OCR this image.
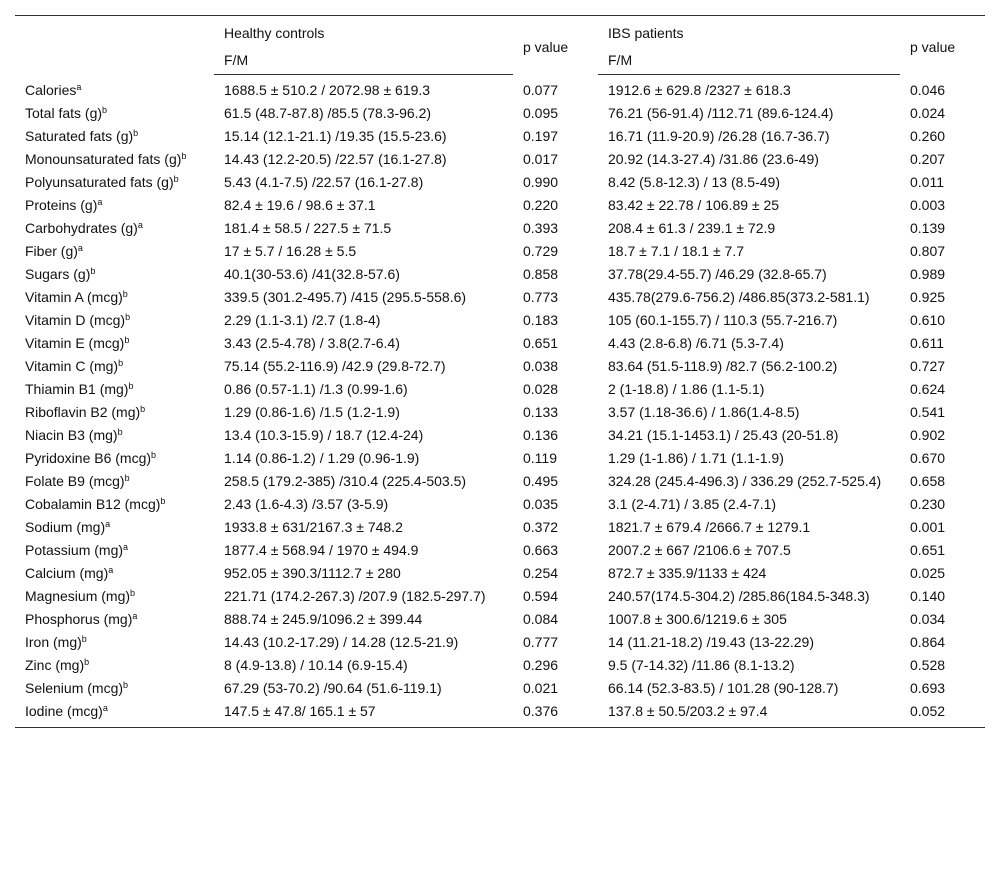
	Healthy controls	p value	IBS patients	p value
	F/M		F/M	
Calories$^a$	1688.5 ± 510.2 / 2072.98 ± 619.3	0.077	1912.6 ± 629.8 /2327 ± 618.3	0.046
Total fats $(g)^b$	61.5 (48.7-87.8) /85.5 (78.3-96.2)	0.095	76.21 (56-91.4) /112.71 (89.6-124.4)	0.024
Saturated fats $(g)^b$	15.14 (12.1-21.1) /19.35 (15.5-23.6)	0.197	16.71 (11.9-20.9) /26.28 (16.7-36.7)	0.260
Monounsaturated fats $(g)^b$	14.43 (12.2-20.5) /22.57 (16.1-27.8)	0.017	20.92 (14.3-27.4) /31.86 (23.6-49)	0.207
Polyunsaturated fats $(g)^b$	5.43 (4.1-7.5) /22.57 (16.1-27.8)	0.990	8.42 (5.8-12.3) / 13 (8.5-49)	0.011
Proteins $(g)^a$	82.4 ± 19.6 / 98.6 ± 37.1	0.220	83.42 ± 22.78 / 106.89 ± 25	0.003
Carbohydrates $(g)^a$	181.4 ± 58.5 / 227.5 ± 71.5	0.393	208.4 ± 61.3 / 239.1 ± 72.9	0.139
Fiber $(g)^a$	17 ± 5.7 / 16.28 ± 5.5	0.729	18.7 ± 7.1 / 18.1 ± 7.7	0.807
Sugars $(g)^b$	40.1(30-53.6) /41(32.8-57.6)	0.858	37.78(29.4-55.7) /46.29 (32.8-65.7)	0.989
Vitamin A (mcg)$^b$	339.5 (301.2-495.7) /415 (295.5-558.6)	0.773	435.78(279.6-756.2) /486.85(373.2-581.1)	0.925
Vitamin D (mcg)$^b$	2.29 (1.1-3.1) /2.7 (1.8-4)	0.183	105 (60.1-155.7) / 110.3 (55.7-216.7)	0.610
Vitamin E (mcg)$^b$	3.43 (2.5-4.78) / 3.8(2.7-6.4)	0.651	4.43 (2.8-6.8) /6.71 (5.3-7.4)	0.611
Vitamin C (mg)$^b$	75.14 (55.2-116.9) /42.9 (29.8-72.7)	0.038	83.64 (51.5-118.9) /82.7 (56.2-100.2)	0.727
Thiamin B1 (mg)$^b$	0.86 (0.57-1.1) /1.3 (0.99-1.6)	0.028	2 (1-18.8) / 1.86 (1.1-5.1)	0.624
Riboflavin B2 (mg)$^b$	1.29 (0.86-1.6) /1.5 (1.2-1.9)	0.133	3.57 (1.18-36.6) / 1.86(1.4-8.5)	0.541
Niacin B3 (mg)$^b$	13.4 (10.3-15.9) / 18.7 (12.4-24)	0.136	34.21 (15.1-1453.1) / 25.43 (20-51.8)	0.902
Pyridoxine B6 (mcg)$^b$	1.14 (0.86-1.2) / 1.29 (0.96-1.9)	0.119	1.29 (1-1.86) / 1.71 (1.1-1.9)	0.670
Folate B9 (mcg)$^b$	258.5 (179.2-385) /310.4 (225.4-503.5)	0.495	324.28 (245.4-496.3) / 336.29 (252.7-525.4)	0.658
Cobalamin B12 (mcg)$^b$	2.43 (1.6-4.3) /3.57 (3-5.9)	0.035	3.1 (2-4.71) / 3.85 (2.4-7.1)	0.230
Sodium (mg)$^a$	1933.8 ± 631/2167.3 ± 748.2	0.372	1821.7 ± 679.4 /2666.7 ± 1279.1	0.001
Potassium (mg)$^a$	1877.4 ± 568.94 / 1970 ± 494.9	0.663	2007.2 ± 667 /2106.6 ± 707.5	0.651
Calcium (mg)$^a$	952.05 ± 390.3/1112.7 ± 280	0.254	872.7 ± 335.9/1133 ± 424	0.025
Magnesium (mg)$^b$	221.71 (174.2-267.3) /207.9 (182.5-297.7)	0.594	240.57(174.5-304.2) /285.86(184.5-348.3)	0.140
Phosphorus (mg)$^a$	888.74 ± 245.9/1096.2 ± 399.44	0.084	1007.8 ± 300.6/1219.6 ± 305	0.034
Iron (mg)$^b$	14.43 (10.2-17.29) / 14.28 (12.5-21.9)	0.777	14 (11.21-18.2) /19.43 (13-22.29)	0.864
Zinc (mg)$^b$	8 (4.9-13.8) / 10.14 (6.9-15.4)	0.296	9.5 (7-14.32) /11.86 (8.1-13.2)	0.528
Selenium (mcg)$^b$	67.29 (53-70.2) /90.64 (51.6-119.1)	0.021	66.14 (52.3-83.5) / 101.28 (90-128.7)	0.693
Iodine (mcg)$^a$	147.5 ± 47.8/ 165.1 ± 57	0.376	137.8 ± 50.5/203.2 ± 97.4	0.052
